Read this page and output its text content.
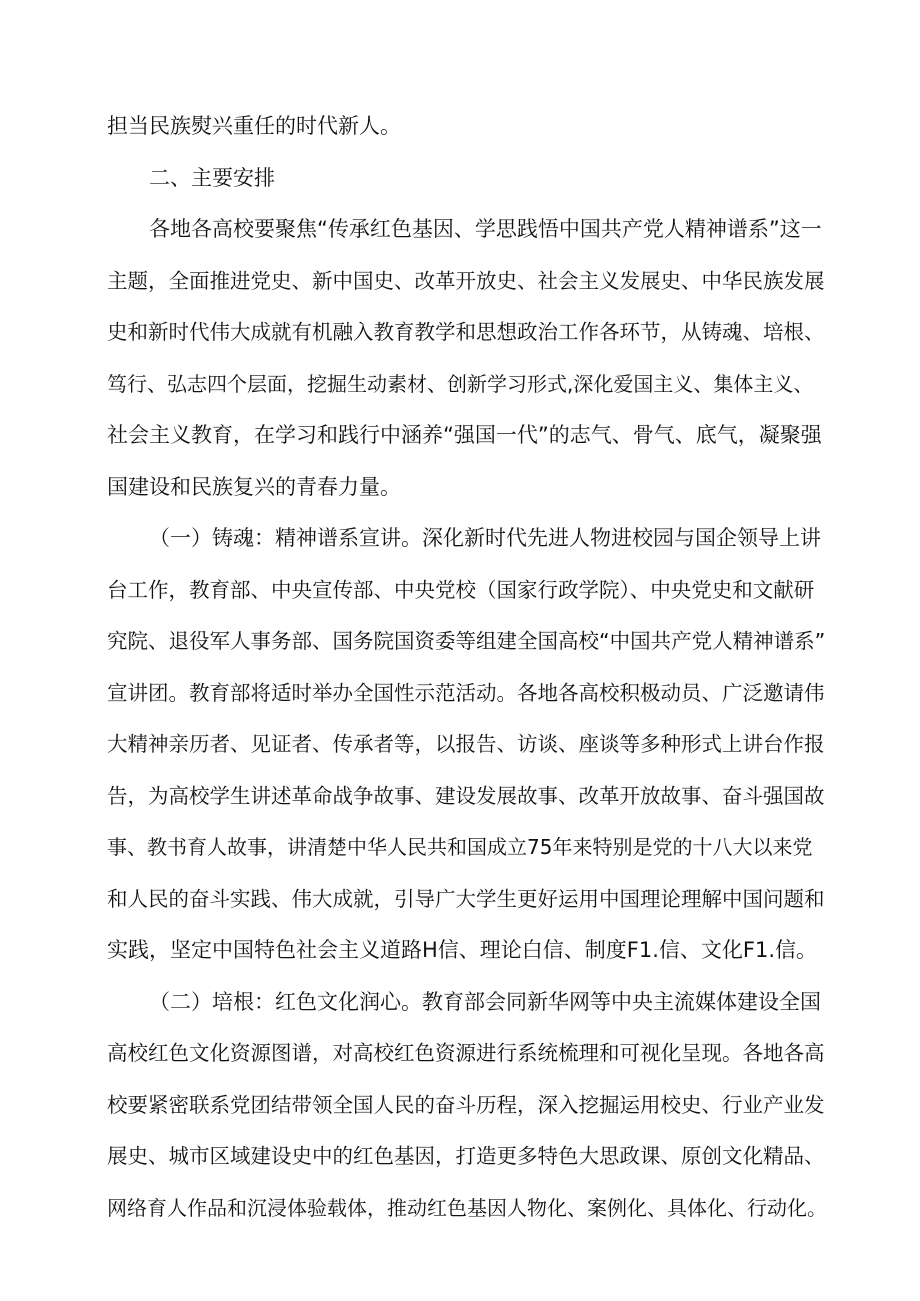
担当民族熨兴重任的时代新人。
二、主要安排
各地各高校要聚焦“传承红色基因、学思践悟中国共产党人精神谱系”这一
主题，全面推进党史、新中国史、改革开放史、社会主义发展史、中华民族发展
史和新时代伟大成就有机融入教育教学和思想政治工作各环节，从铸魂、培根、
笃行、弘志四个层面，挖掘生动素材、创新学习形式,深化爱国主义、集体主义、
社会主义教育，在学习和践行中涵养“强国一代”的志气、骨气、底气，凝聚强
国建设和民族复兴的青春力量。
（一）铸魂：精神谱系宣讲。深化新时代先进人物进校园与国企领导上讲
台工作，教育部、中央宣传部、中央党校（国家行政学院）、中央党史和文献研
究院、退役军人事务部、国务院国资委等组建全国高校“中国共产党人精神谱系”
宣讲团。教育部将适时举办全国性示范活动。各地各高校积极动员、广泛邀请伟
大精神亲历者、见证者、传承者等，以报告、访谈、座谈等多种形式上讲台作报
告，为高校学生讲述革命战争故事、建设发展故事、改革开放故事、奋斗强国故
事、教书育人故事，讲清楚中华人民共和国成立75年来特别是党的十八大以来党
和人民的奋斗实践、伟大成就，引导广大学生更好运用中国理论理解中国问题和
实践，坚定中国特色社会主义道路H信、理论白信、制度F1.信、文化F1.信。
（二）培根：红色文化润心。教育部会同新华网等中央主流媒体建设全国
高校红色文化资源图谱，对高校红色资源进行系统梳理和可视化呈现。各地各高
校要紧密联系党团结带领全国人民的奋斗历程，深入挖掘运用校史、行业产业发
展史、城市区域建设史中的红色基因，打造更多特色大思政课、原创文化精品、
网络育人作品和沉浸体验载体，推动红色基因人物化、案例化、具体化、行动化。
